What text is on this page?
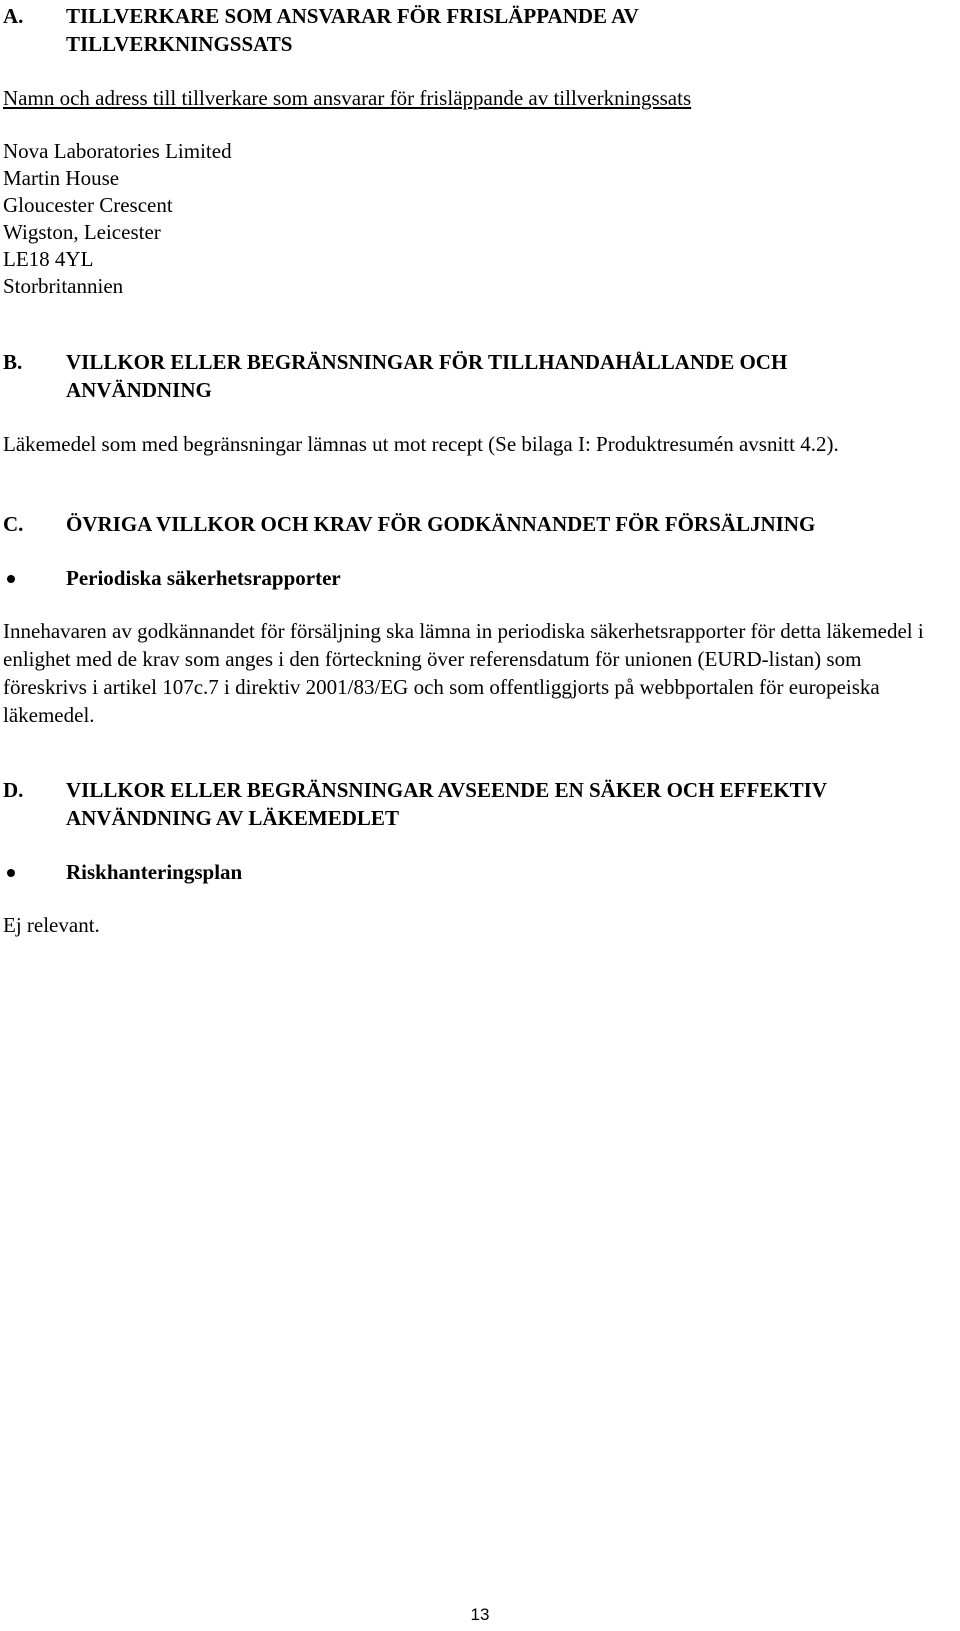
A. TILLVERKARE SOM ANSVARAR FÖR FRISLÄPPANDE AV TILLVERKNINGSSATS
Namn och adress till tillverkare som ansvarar för frisläppande av tillverkningssats
Nova Laboratories Limited
Martin House
Gloucester Crescent
Wigston, Leicester
LE18 4YL
Storbritannien
B. VILLKOR ELLER BEGRÄNSNINGAR FÖR TILLHANDAHÅLLANDE OCH ANVÄNDNING
Läkemedel som med begränsningar lämnas ut mot recept (Se bilaga I: Produktresumén avsnitt 4.2).
C. ÖVRIGA VILLKOR OCH KRAV FÖR GODKÄNNANDET FÖR FÖRSÄLJNING
Periodiska säkerhetsrapporter
Innehavaren av godkännandet för försäljning ska lämna in periodiska säkerhetsrapporter för detta läkemedel i enlighet med de krav som anges i den förteckning över referensdatum för unionen (EURD-listan) som föreskrivs i artikel 107c.7 i direktiv 2001/83/EG och som offentliggjorts på webbportalen för europeiska läkemedel.
D. VILLKOR ELLER BEGRÄNSNINGAR AVSEENDE EN SÄKER OCH EFFEKTIV ANVÄNDNING AV LÄKEMEDLET
Riskhanteringsplan
Ej relevant.
13
